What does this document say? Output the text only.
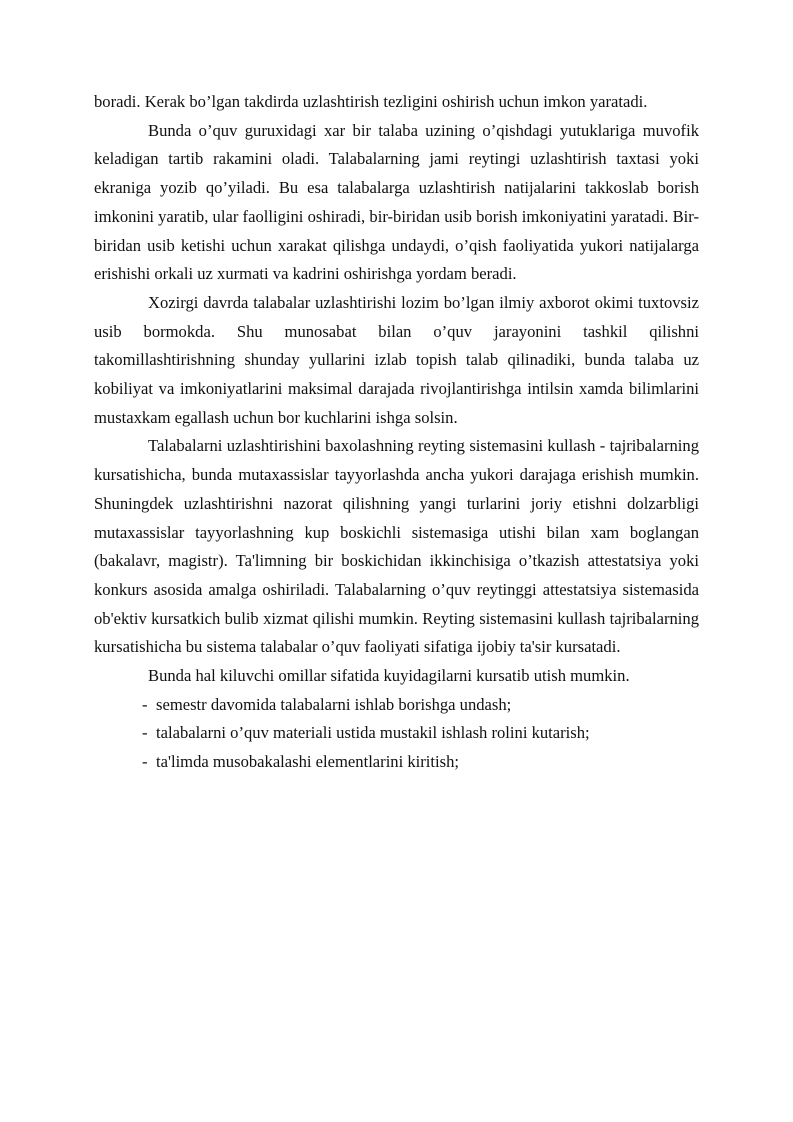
boradi. Kerak bo’lgan takdirda uzlashtirish tezligini oshirish uchun imkon yaratadi.

Bunda o’quv guruxidagi xar bir talaba uzining o’qishdagi yutuklariga muvofik keladigan tartib rakamini oladi. Talabalarning jami reytingi uzlashtirish taxtasi yoki ekraniga yozib qo’yiladi. Bu esa talabalarga uzlashtirish natijalarini takkoslab borish imkonini yaratib, ular faolligini oshiradi, bir-biridan usib borish imkoniyatini yaratadi. Bir-biridan usib ketishi uchun xarakat qilishga undaydi, o’qish faoliyatida yukori natijalarga erishishi orkali uz xurmati va kadrini oshirishga yordam beradi.

Xozirgi davrda talabalar uzlashtirishi lozim bo’lgan ilmiy axborot okimi tuxtovsiz usib bormokda. Shu munosabat bilan o’quv jarayonini tashkil qilishni takomillashtirishning shunday yullarini izlab topish talab qilinadiki, bunda talaba uz kobiliyat va imkoniyatlarini maksimal darajada rivojlantirishga intilsin xamda bilimlarini mustaxkam egallash uchun bor kuchlarini ishga solsin.

Talabalarni uzlashtirishini baxolashning reyting sistemasini kullash - tajribalarning kursatishicha, bunda mutaxassislar tayyorlashda ancha yukori darajaga erishish mumkin. Shuningdek uzlashtirishni nazorat qilishning yangi turlarini joriy etishni dolzarbligi mutaxassislar tayyorlashning kup boskichli sistemasiga utishi bilan xam boglangan (bakalavr, magistr). Ta'limning bir boskichidan ikkinchisiga o’tkazish attestatsiya yoki konkurs asosida amalga oshiriladi. Talabalarning o’quv reytinggi attestatsiya sistemasida ob'ektiv kursatkich bulib xizmat qilishi mumkin. Reyting sistemasini kullash tajribalarning kursatishicha bu sistema talabalar o’quv faoliyati sifatiga ijobiy ta'sir kursatadi.

Bunda hal kiluvchi omillar sifatida kuyidagilarni kursatib utish mumkin.

- semestr davomida talabalarni ishlab borishga undash;

- talabalarni o’quv materiali ustida mustakil ishlash rolini kutarish;

- ta'limda musobakalashi elementlarini kiritish;
